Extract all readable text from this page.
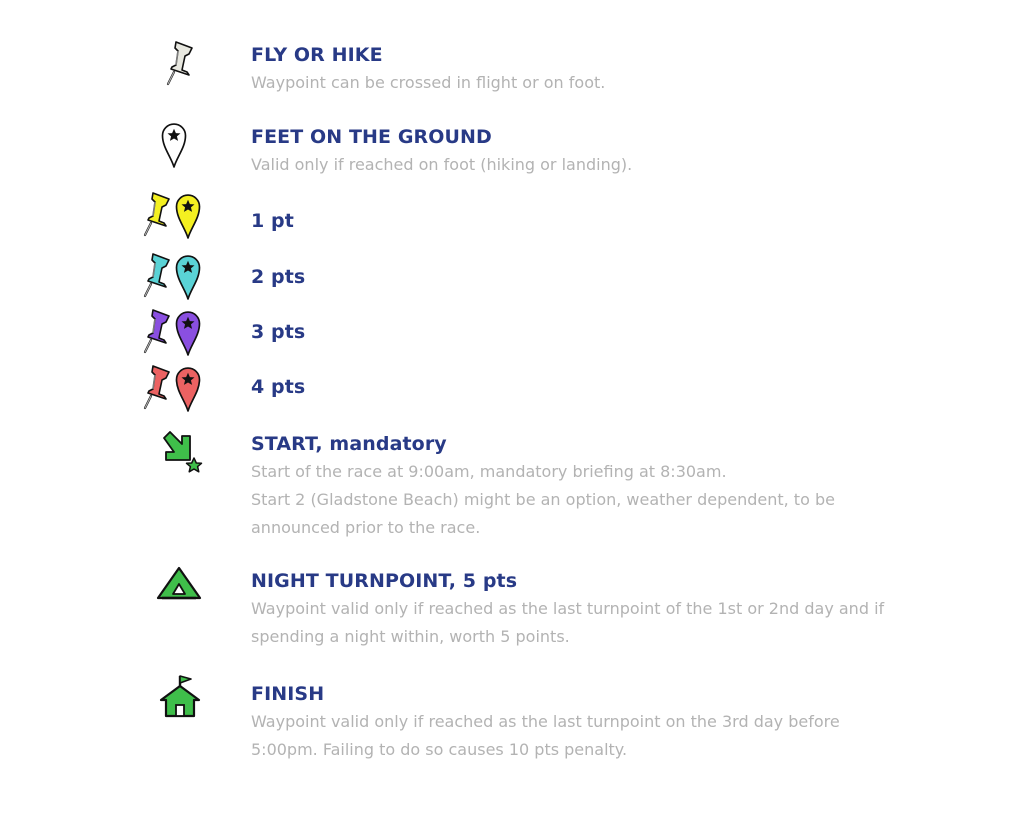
FLY OR HIKE
Waypoint can be crossed in flight or on foot.
FEET ON THE GROUND
Valid only if reached on foot (hiking or landing).
1 pt
2 pts
3 pts
4 pts
START, mandatory
Start of the race at 9:00am, mandatory briefing at 8:30am.
Start 2 (Gladstone Beach) might be an option, weather dependent, to be
announced prior to the race.
NIGHT TURNPOINT, 5 pts
Waypoint valid only if reached as the last turnpoint of the 1st or 2nd day and if
spending a night within, worth 5 points.
FINISH
Waypoint valid only if reached as the last turnpoint on the 3rd day before
5:00pm. Failing to do so causes 10 pts penalty.
